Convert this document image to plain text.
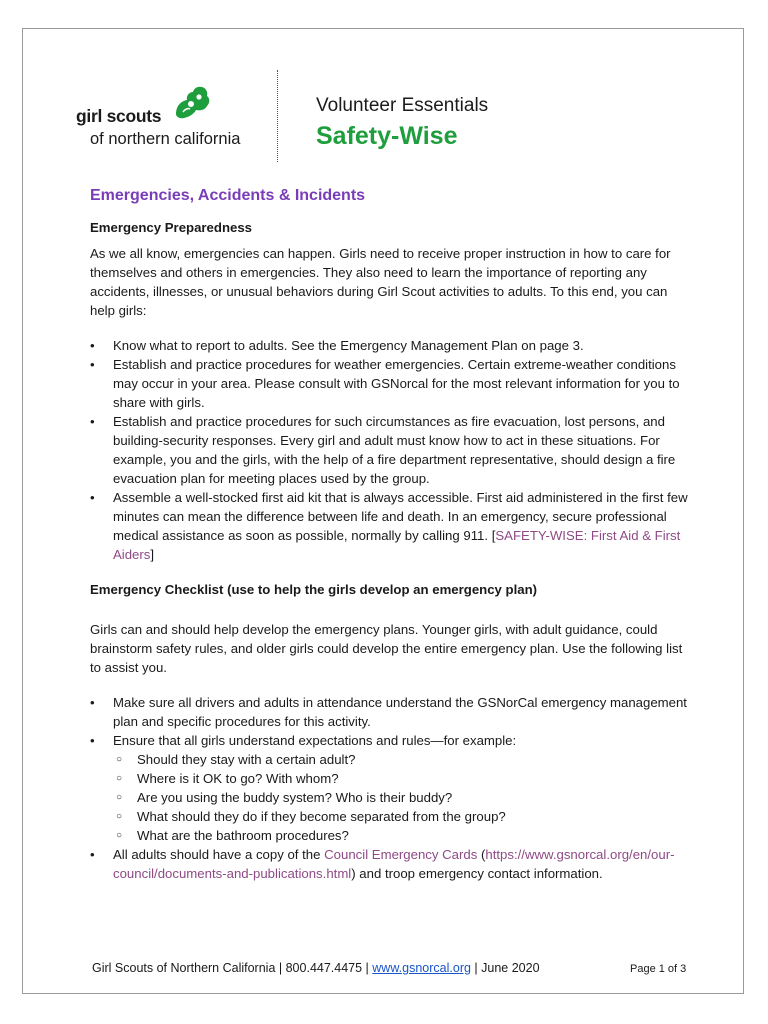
girl scouts
of northern california
Volunteer Essentials
Safety-Wise
Emergencies, Accidents & Incidents
Emergency Preparedness

As we all know, emergencies can happen. Girls need to receive proper instruction in how to care for themselves and others in emergencies. They also need to learn the importance of reporting any accidents, illnesses, or unusual behaviors during Girl Scout activities to adults. To this end, you can help girls:

• Know what to report to adults. See the Emergency Management Plan on page 3.
• Establish and practice procedures for weather emergencies. Certain extreme-weather conditions may occur in your area. Please consult with GSNorcal for the most relevant information for you to share with girls.
• Establish and practice procedures for such circumstances as fire evacuation, lost persons, and building-security responses. Every girl and adult must know how to act in these situations. For example, you and the girls, with the help of a fire department representative, should design a fire evacuation plan for meeting places used by the group.
• Assemble a well-stocked first aid kit that is always accessible. First aid administered in the first few minutes can mean the difference between life and death. In an emergency, secure professional medical assistance as soon as possible, normally by calling 911. [SAFETY-WISE: First Aid & First Aiders]
Emergency Checklist (use to help the girls develop an emergency plan)

Girls can and should help develop the emergency plans. Younger girls, with adult guidance, could brainstorm safety rules, and older girls could develop the entire emergency plan. Use the following list to assist you.

• Make sure all drivers and adults in attendance understand the GSNorCal emergency management plan and specific procedures for this activity.
• Ensure that all girls understand expectations and rules—for example:
○ Should they stay with a certain adult?
○ Where is it OK to go? With whom?
○ Are you using the buddy system? Who is their buddy?
○ What should they do if they become separated from the group?
○ What are the bathroom procedures?
• All adults should have a copy of the Council Emergency Cards (https://www.gsnorcal.org/en/our-council/documents-and-publications.html) and troop emergency contact information.
Girl Scouts of Northern California | 800.447.4475 | www.gsnorcal.org | June 2020	Page 1 of 3
